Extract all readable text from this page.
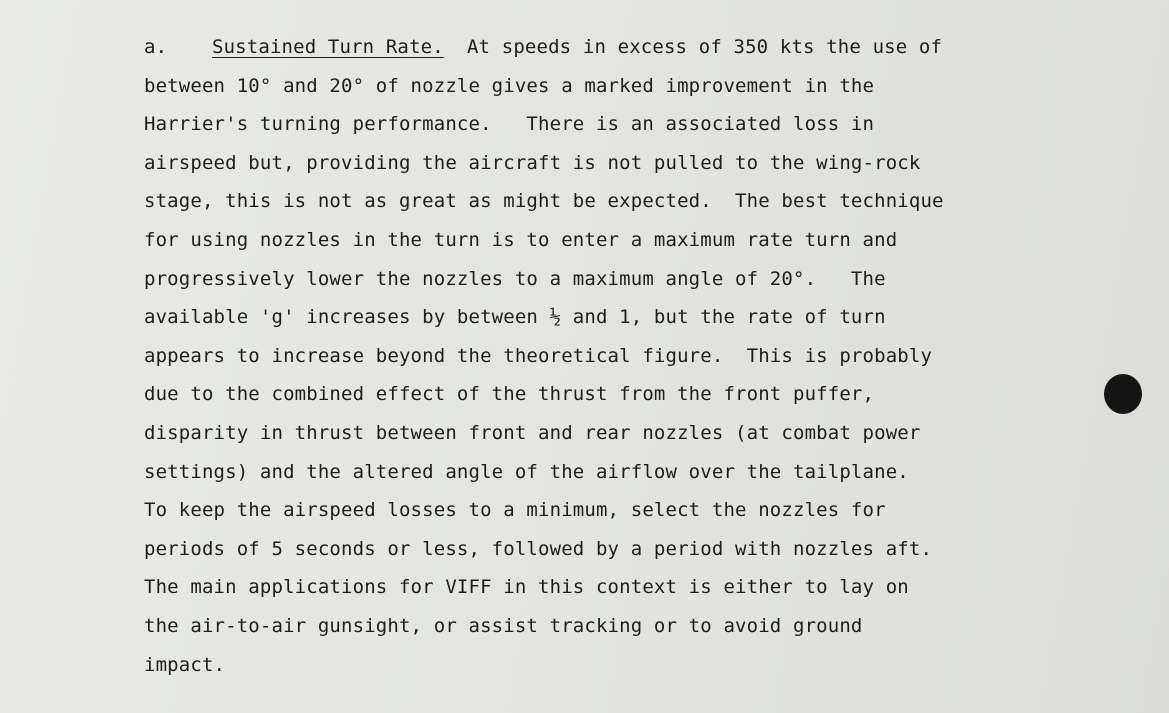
a. Sustained Turn Rate.  At speeds in excess of 350 kts the use of
between 10° and 20° of nozzle gives a marked improvement in the
Harrier's turning performance.   There is an associated loss in
airspeed but, providing the aircraft is not pulled to the wing-rock
stage, this is not as great as might be expected.  The best technique
for using nozzles in the turn is to enter a maximum rate turn and
progressively lower the nozzles to a maximum angle of 20°.   The
available 'g' increases by between ½ and 1, but the rate of turn
appears to increase beyond the theoretical figure.  This is probably
due to the combined effect of the thrust from the front puffer,
disparity in thrust between front and rear nozzles (at combat power
settings) and the altered angle of the airflow over the tailplane.
To keep the airspeed losses to a minimum, select the nozzles for
periods of 5 seconds or less, followed by a period with nozzles aft.
The main applications for VIFF in this context is either to lay on
the air-to-air gunsight, or assist tracking or to avoid ground
impact.
